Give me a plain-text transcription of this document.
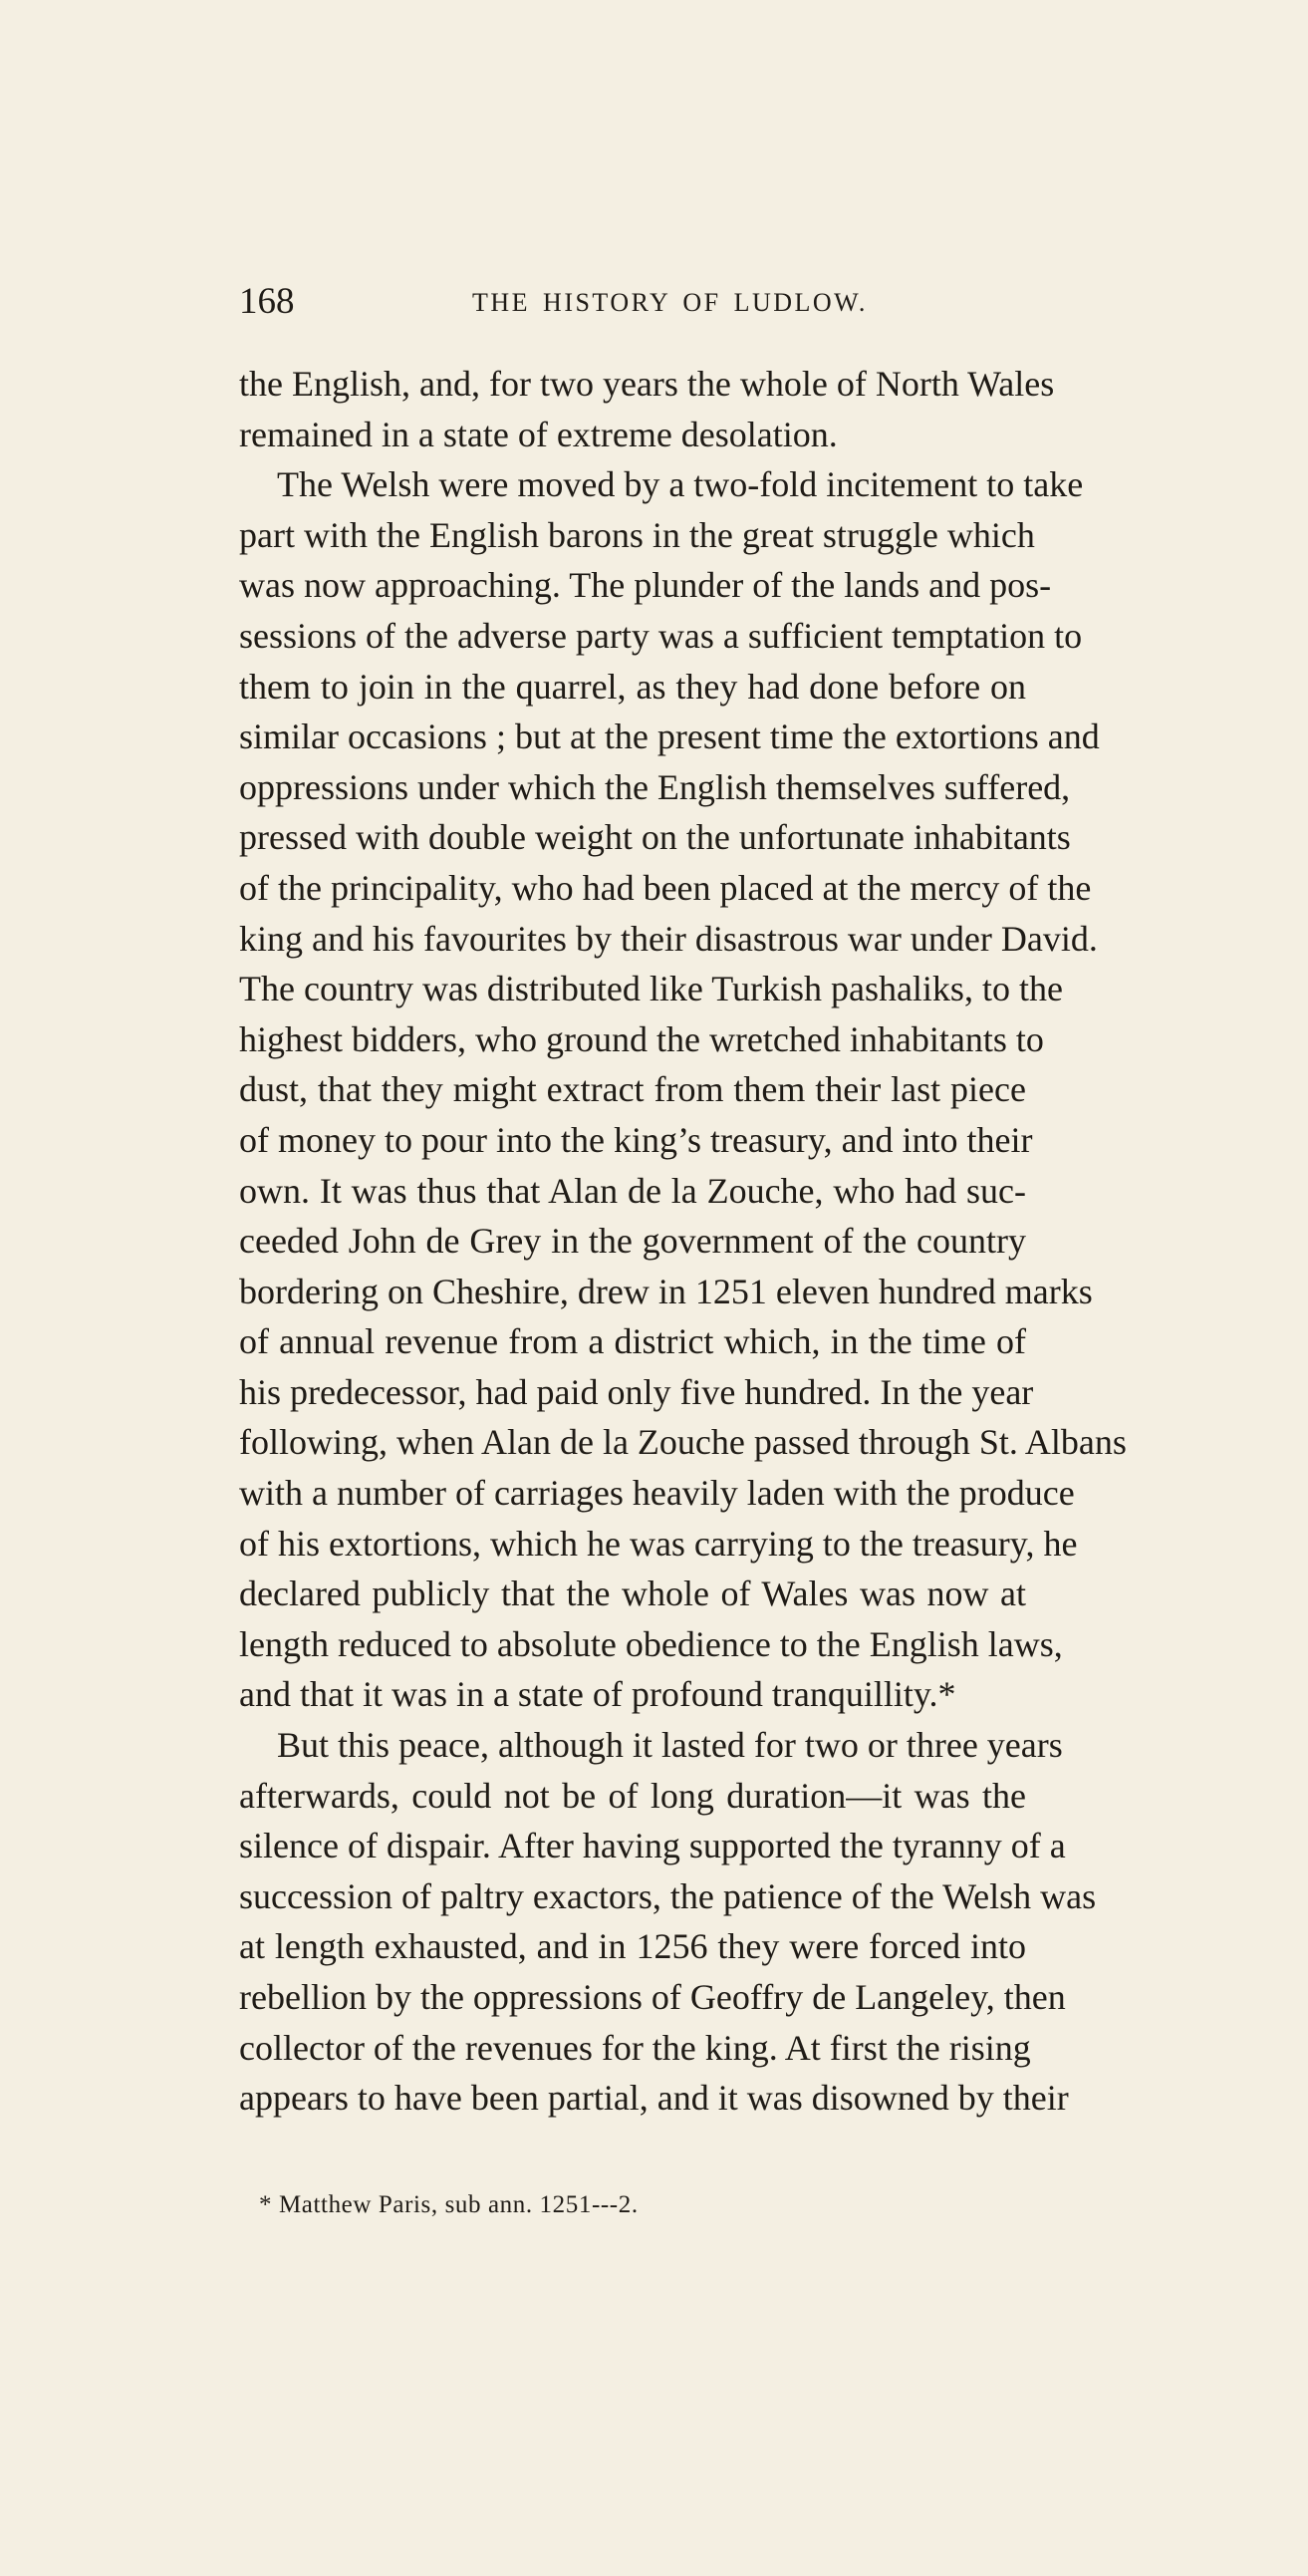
168	THE HISTORY OF LUDLOW.
the English, and, for two years the whole of North Wales
remained in a state of extreme desolation.
The Welsh were moved by a two-fold incitement to take
part with the English barons in the great struggle which
was now approaching. The plunder of the lands and pos-
sessions of the adverse party was a sufficient temptation to
them to join in the quarrel, as they had done before on
similar occasions ; but at the present time the extortions and
oppressions under which the English themselves suffered,
pressed with double weight on the unfortunate inhabitants
of the principality, who had been placed at the mercy of the
king and his favourites by their disastrous war under David.
The country was distributed like Turkish pashaliks, to the
highest bidders, who ground the wretched inhabitants to
dust, that they might extract from them their last piece
of money to pour into the king’s treasury, and into their
own. It was thus that Alan de la Zouche, who had suc-
ceeded John de Grey in the government of the country
bordering on Cheshire, drew in 1251 eleven hundred marks
of annual revenue from a district which, in the time of
his predecessor, had paid only five hundred. In the year
following, when Alan de la Zouche passed through St. Albans
with a number of carriages heavily laden with the produce
of his extortions, which he was carrying to the treasury, he
declared publicly that the whole of Wales was now at
length reduced to absolute obedience to the English laws,
and that it was in a state of profound tranquillity.*
But this peace, although it lasted for two or three years
afterwards, could not be of long duration—it was the
silence of dispair. After having supported the tyranny of a
succession of paltry exactors, the patience of the Welsh was
at length exhausted, and in 1256 they were forced into
rebellion by the oppressions of Geoffry de Langeley, then
collector of the revenues for the king. At first the rising
appears to have been partial, and it was disowned by their
* Matthew Paris, sub ann. 1251---2.
